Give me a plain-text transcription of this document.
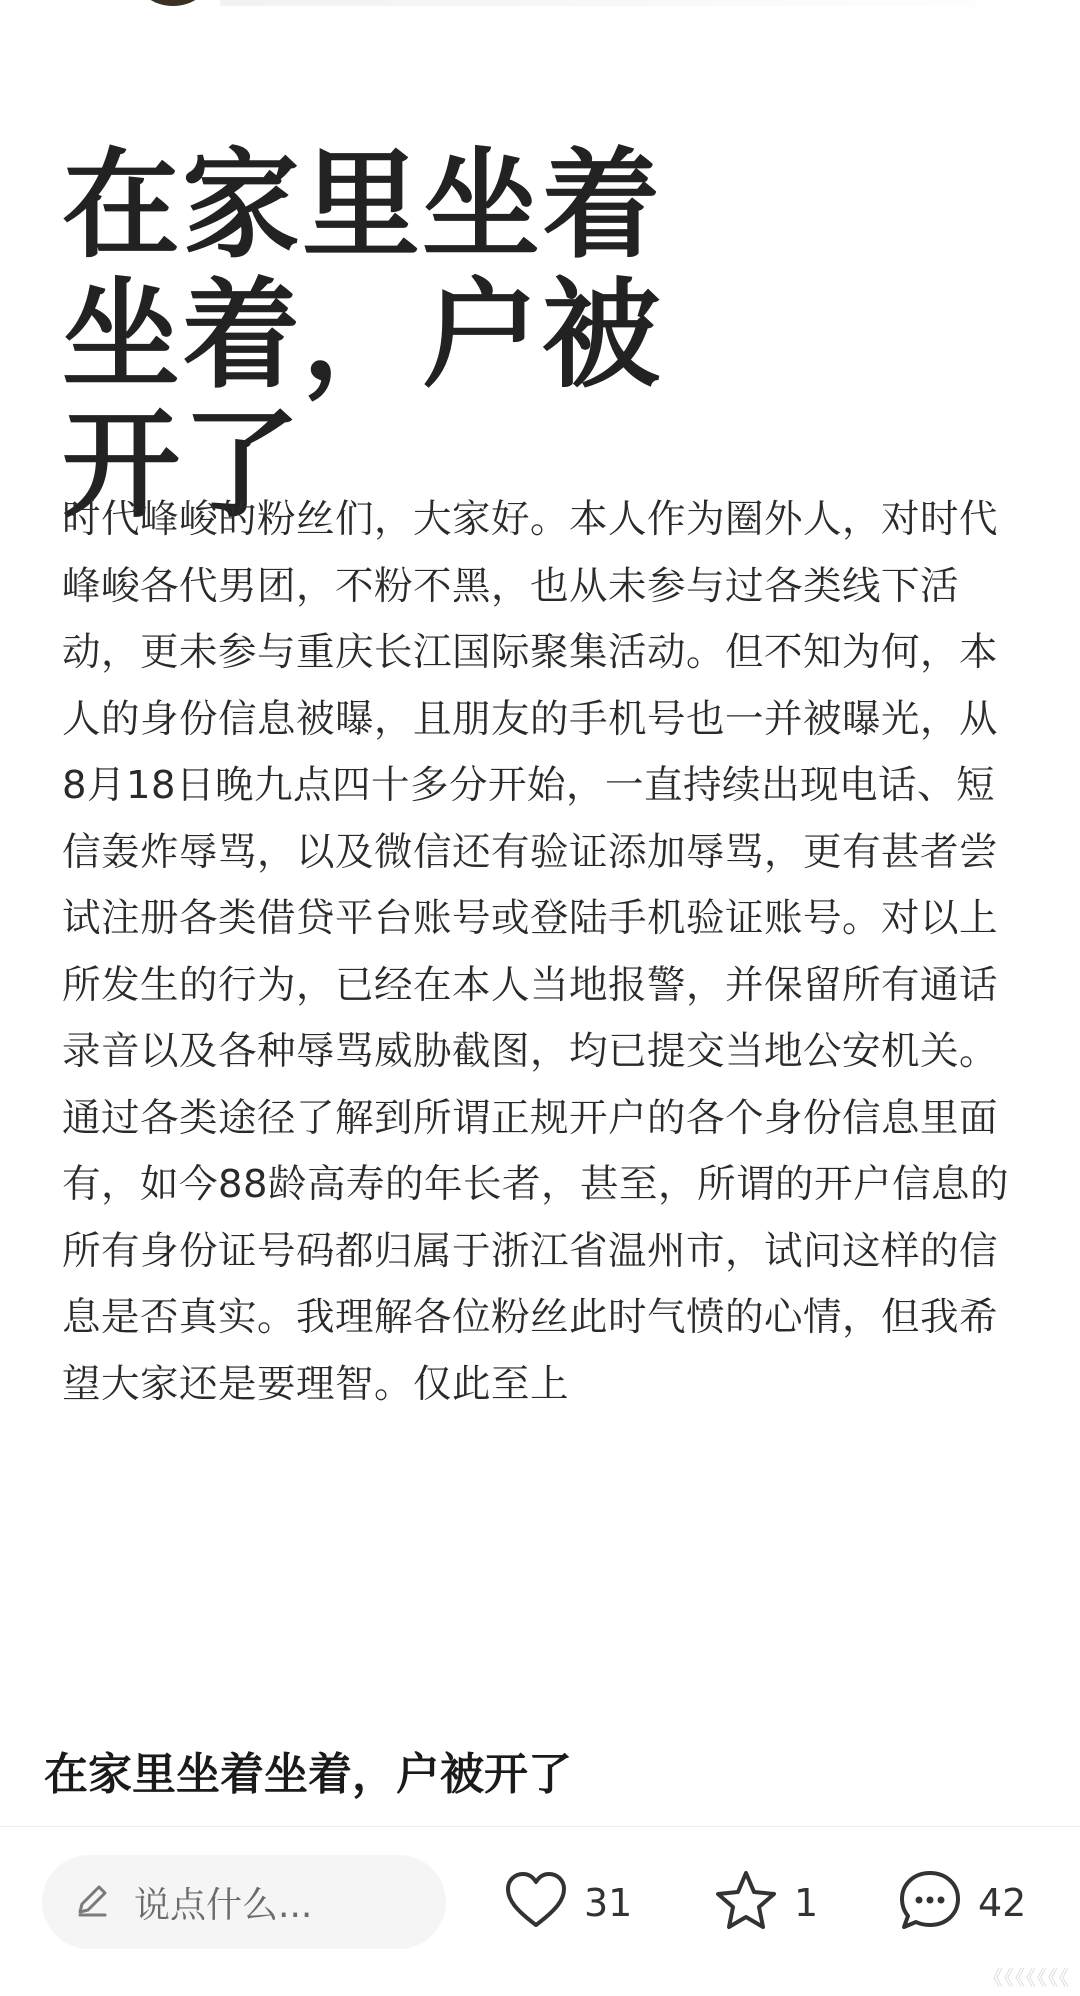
在家里坐着坐着，户被开了

时代峰峻的粉丝们，大家好。本人作为圈外人，对时代峰峻各代男团，不粉不黑，也从未参与过各类线下活动，更未参与重庆长江国际聚集活动。但不知为何，本人的身份信息被曝，且朋友的手机号也一并被曝光，从8月18日晚九点四十多分开始，一直持续出现电话、短信轰炸辱骂，以及微信还有验证添加辱骂，更有甚者尝试注册各类借贷平台账号或登陆手机验证账号。对以上所发生的行为，已经在本人当地报警，并保留所有通话录音以及各种辱骂威胁截图，均已提交当地公安机关。通过各类途径了解到所谓正规开户的各个身份信息里面有，如今88龄高寿的年长者，甚至，所谓的开户信息的所有身份证号码都归属于浙江省温州市，试问这样的信息是否真实。我理解各位粉丝此时气愤的心情，但我希望大家还是要理智。仅此至上

在家里坐着坐着，户被开了
说点什么...	31	1	42
《《《《《《《
